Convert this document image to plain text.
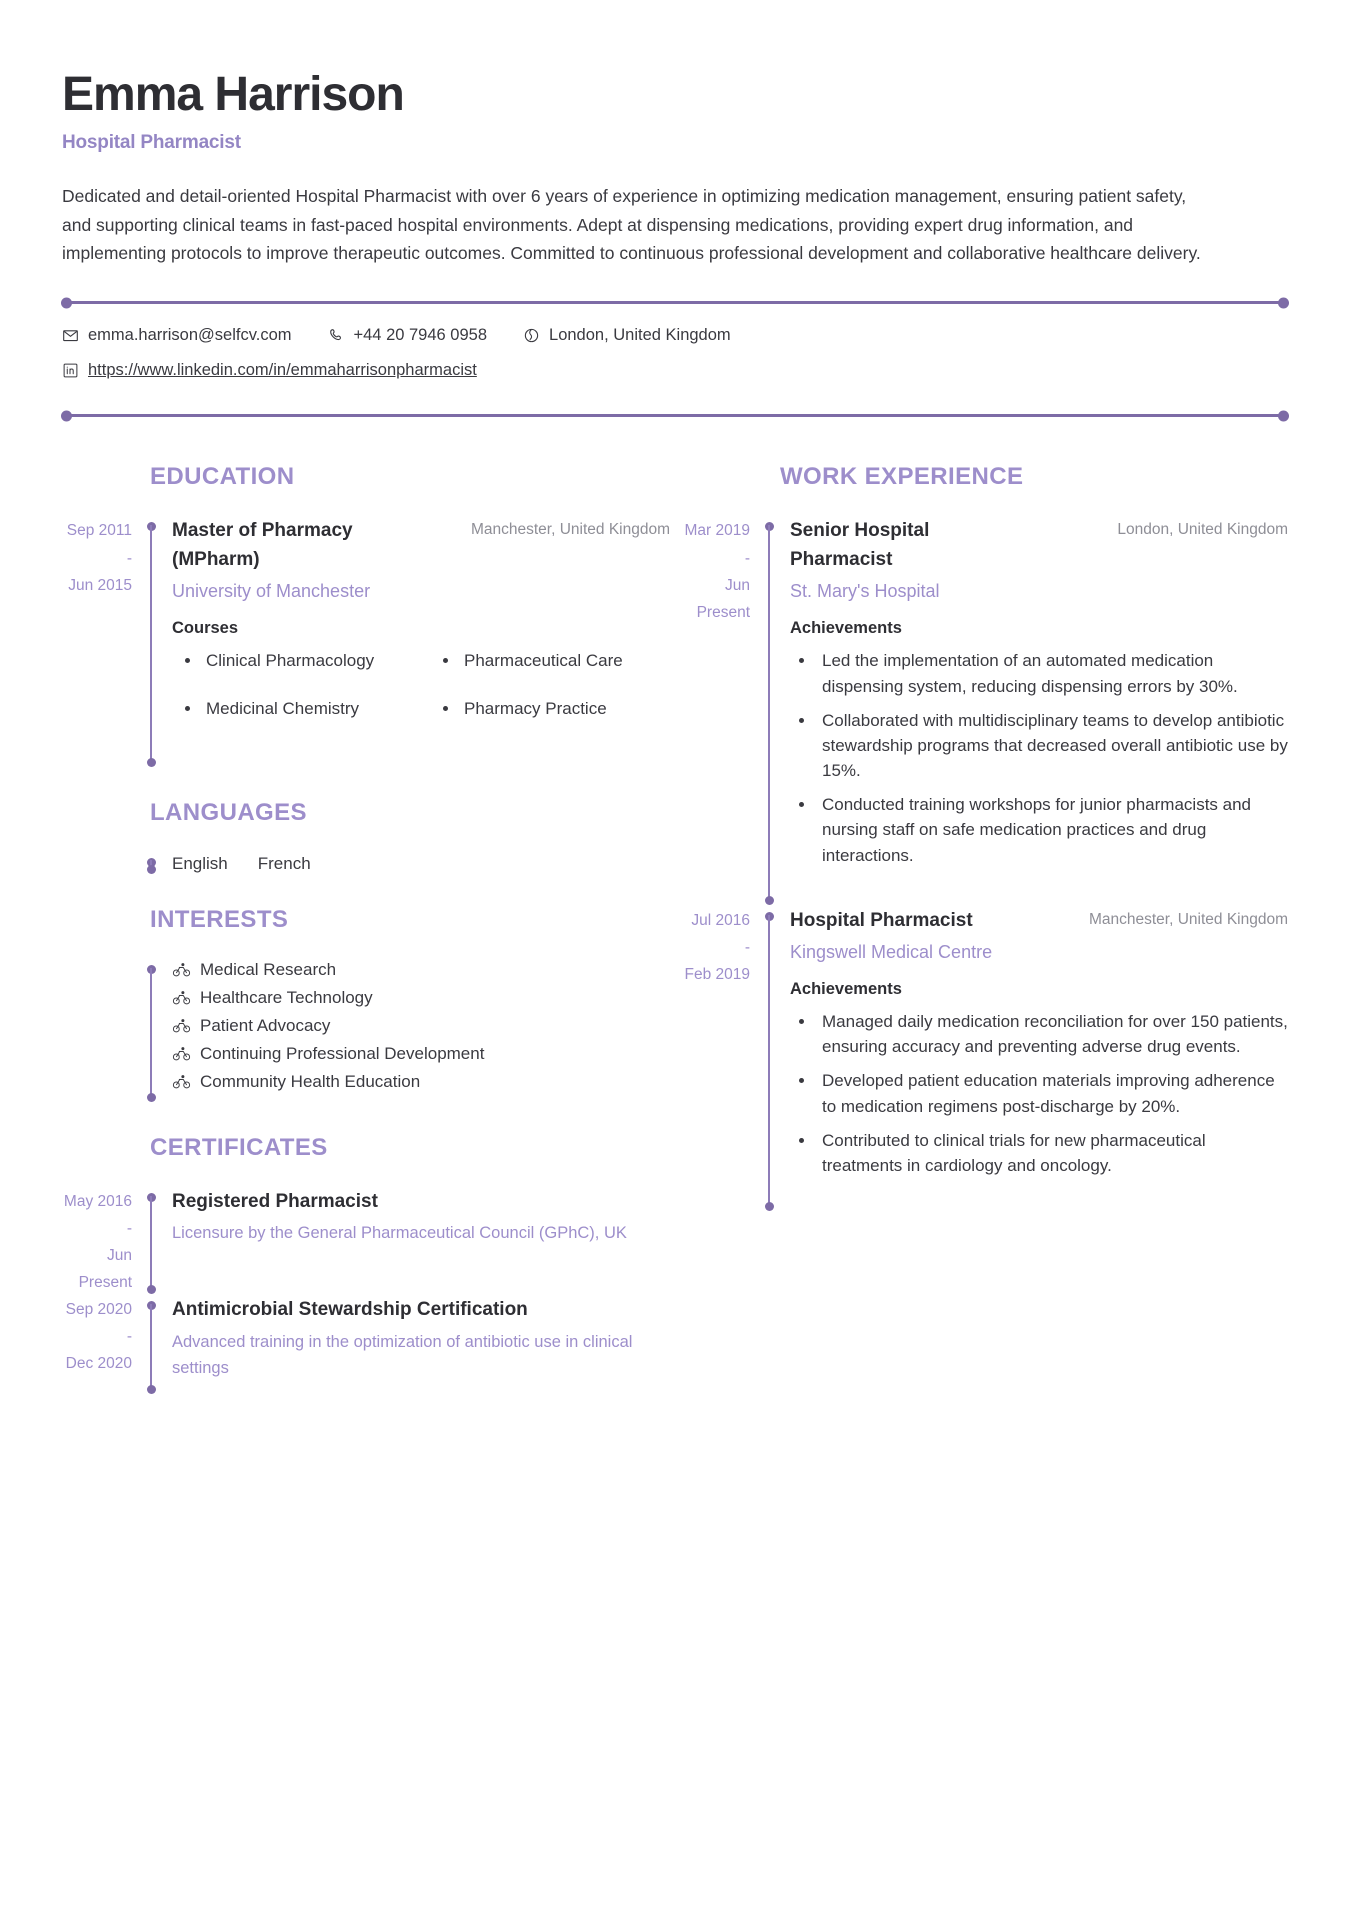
Emma Harrison
Hospital Pharmacist
Dedicated and detail-oriented Hospital Pharmacist with over 6 years of experience in optimizing medication management, ensuring patient safety, and supporting clinical teams in fast-paced hospital environments. Adept at dispensing medications, providing expert drug information, and implementing protocols to improve therapeutic outcomes. Committed to continuous professional development and collaborative healthcare delivery.
emma.harrison@selfcv.com	+44 20 7946 0958	London, United Kingdom
https://www.linkedin.com/in/emmaharrisonpharmacist
EDUCATION
Sep 2011
-
Jun 2015
Master of Pharmacy (MPharm)
Manchester, United Kingdom
University of Manchester
Courses
• Clinical Pharmacology
• Medicinal Chemistry
• Pharmaceutical Care
• Pharmacy Practice
LANGUAGES
English French
INTERESTS
Medical Research
Healthcare Technology
Patient Advocacy
Continuing Professional Development
Community Health Education
CERTIFICATES
May 2016
-
Jun
Present
Registered Pharmacist
Licensure by the General Pharmaceutical Council (GPhC), UK
Sep 2020
-
Dec 2020
Antimicrobial Stewardship Certification
Advanced training in the optimization of antibiotic use in clinical settings
WORK EXPERIENCE
Mar 2019
-
Jun
Present
Senior Hospital Pharmacist
London, United Kingdom
St. Mary's Hospital
Achievements
• Led the implementation of an automated medication dispensing system, reducing dispensing errors by 30%.
• Collaborated with multidisciplinary teams to develop antibiotic stewardship programs that decreased overall antibiotic use by 15%.
• Conducted training workshops for junior pharmacists and nursing staff on safe medication practices and drug interactions.
Jul 2016
-
Feb 2019
Hospital Pharmacist	Manchester, United Kingdom
Kingswell Medical Centre
Achievements
• Managed daily medication reconciliation for over 150 patients, ensuring accuracy and preventing adverse drug events.
• Developed patient education materials improving adherence to medication regimens post-discharge by 20%.
• Contributed to clinical trials for new pharmaceutical treatments in cardiology and oncology.
